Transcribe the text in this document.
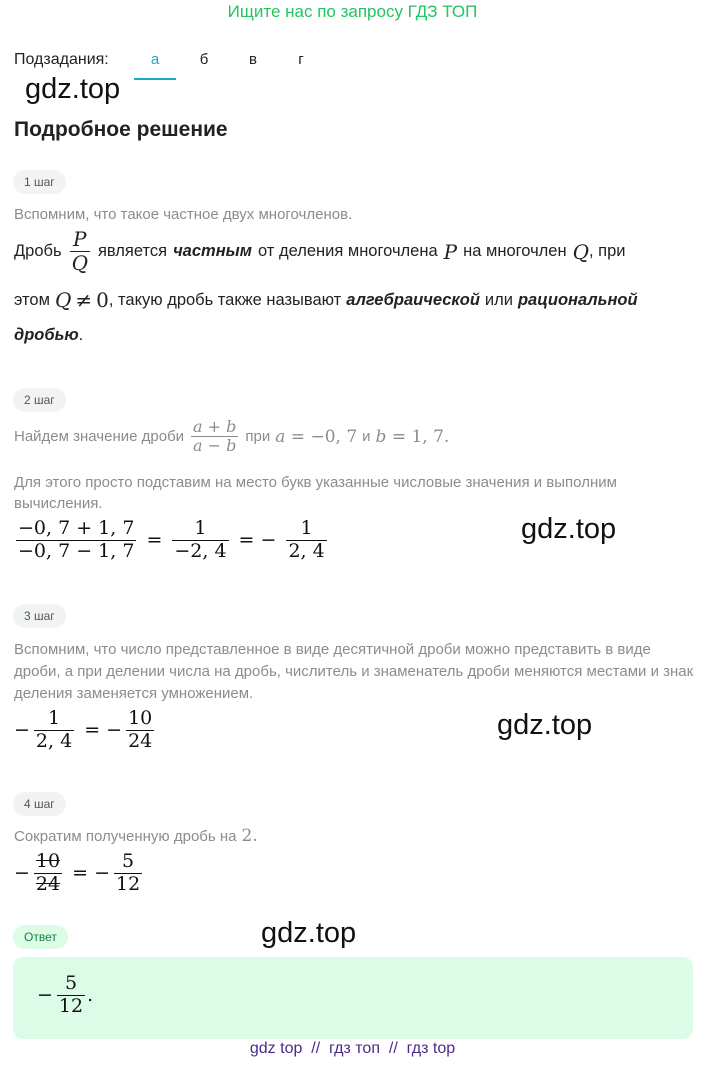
Ищите нас по запросу ГДЗ ТОП
Подзадания:	а	б	в	г
gdz.top
gdz.top
gdz.top
gdz.top
Подробное решение
1 шаг
Вспомним, что такое частное двух многочленов.
Дробь $\frac{P}{Q}$ является частным от деления многочлена P на многочлен Q , при
этом Q ≠ 0 , такую дробь также называют алгебраической или рациональной
дробью.
2 шаг
Найдем значение дроби $\frac{a + b}{a - b}$ при a = −0, 7 и b = 1, 7.
Для этого просто подставим на место букв указанные числовые значения и выполним вычисления.
$\frac{-0, 7 + 1, 7}{-0, 7 - 1, 7} = \frac{1}{-2, 4}$ = − $\frac{1}{2, 4}$
3 шаг
Вспомним, что число представленное в виде десятичной дроби можно представить в виде дроби, а при делении числа на дробь, числитель и знаменатель дроби меняются местами и знак деления заменяется умножением.
− $\frac{1}{2, 4}$ = − $\frac{10}{24}$
4 шаг
Сократим полученную дробь на 2.
− $\frac{10}{24}$ = − $\frac{5}{12}$
Ответ
− $\frac{5}{12}$ .
gdz top  //  гдз топ  //  гдз top
